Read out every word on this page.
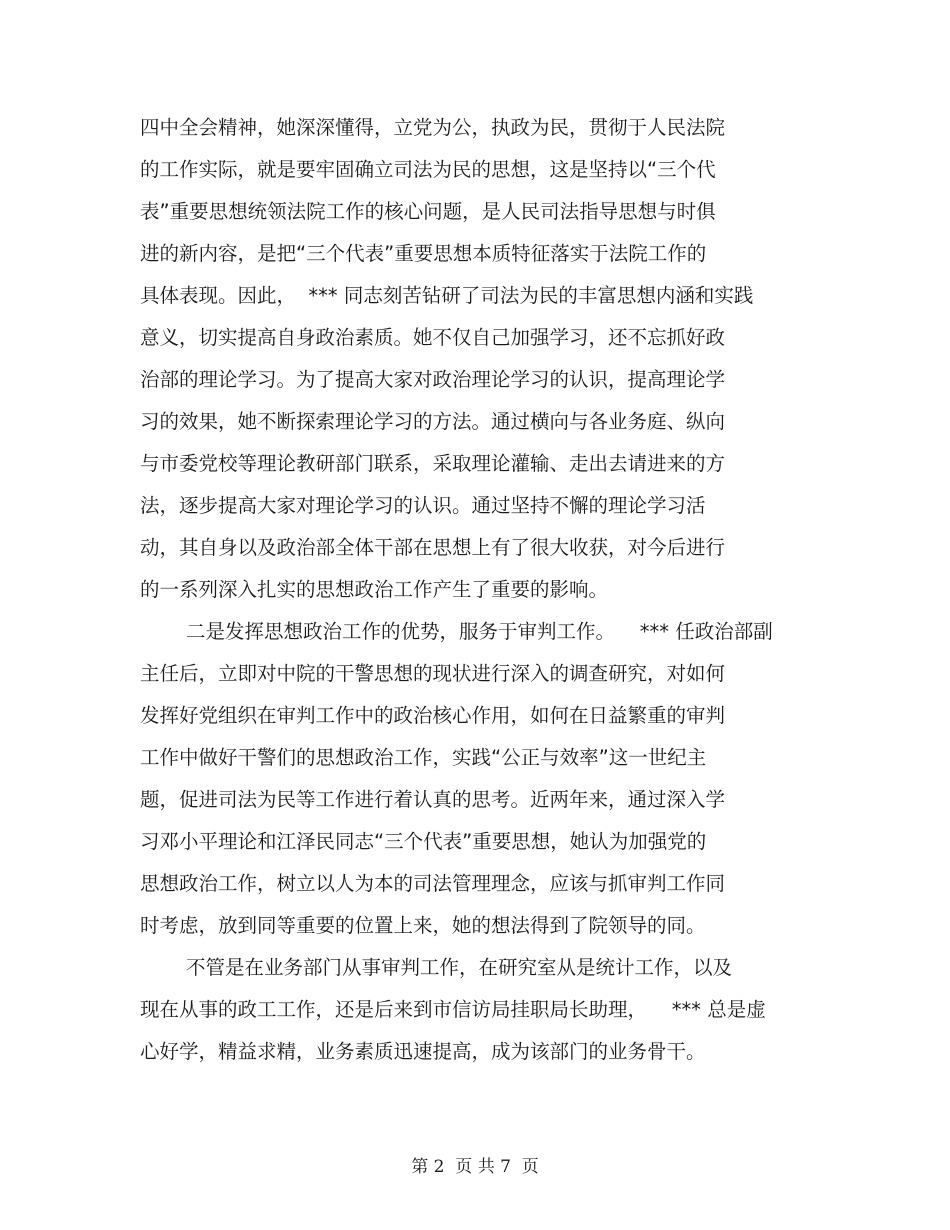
四中全会精神，她深深懂得，立党为公，执政为民，贯彻于人民法院
的工作实际，就是要牢固确立司法为民的思想，这是坚持以“三个代
表”重要思想统领法院工作的核心问题，是人民司法指导思想与时俱
进的新内容，是把“三个代表”重要思想本质特征落实于法院工作的
具体表现。因此，  *** 同志刻苦钻研了司法为民的丰富思想内涵和实践
意义，切实提高自身政治素质。她不仅自己加强学习，还不忘抓好政
治部的理论学习。为了提高大家对政治理论学习的认识，提高理论学
习的效果，她不断探索理论学习的方法。通过横向与各业务庭、纵向
与市委党校等理论教研部门联系，采取理论灌输、走出去请进来的方
法，逐步提高大家对理论学习的认识。通过坚持不懈的理论学习活
动，其自身以及政治部全体干部在思想上有了很大收获，对今后进行
的一系列深入扎实的思想政治工作产生了重要的影响。
二是发挥思想政治工作的优势，服务于审判工作。    *** 任政治部副
主任后，立即对中院的干警思想的现状进行深入的调查研究，对如何
发挥好党组织在审判工作中的政治核心作用，如何在日益繁重的审判
工作中做好干警们的思想政治工作，实践“公正与效率”这一世纪主
题，促进司法为民等工作进行着认真的思考。近两年来，通过深入学
习邓小平理论和江泽民同志“三个代表”重要思想，她认为加强党的
思想政治工作，树立以人为本的司法管理理念，应该与抓审判工作同
时考虑，放到同等重要的位置上来，她的想法得到了院领导的同。
不管是在业务部门从事审判工作，在研究室从是统计工作，以及
现在从事的政工工作，还是后来到市信访局挂职局长助理，    *** 总是虚
心好学，精益求精，业务素质迅速提高，成为该部门的业务骨干。
第 2  页 共 7  页
